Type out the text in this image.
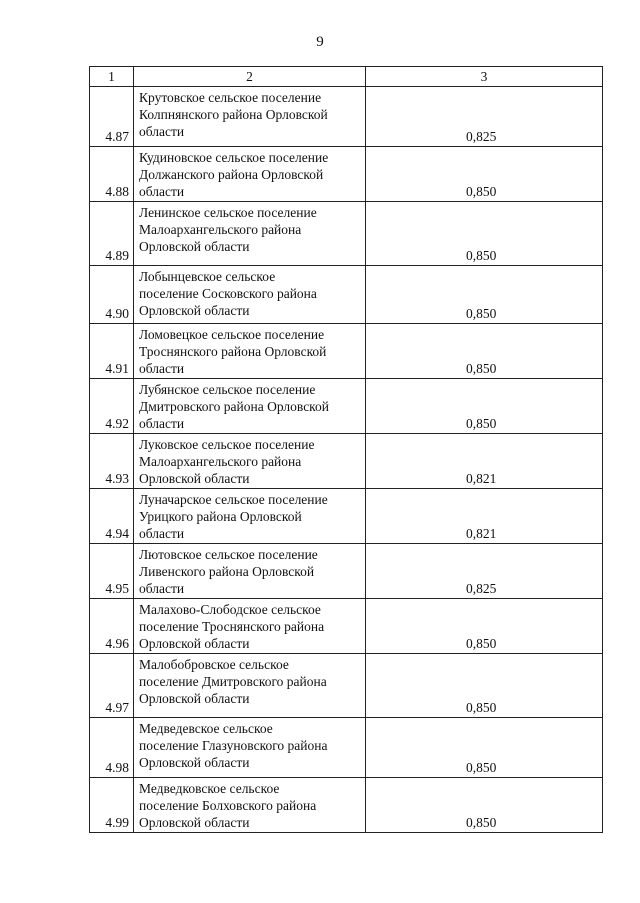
9
1	2	3
4.87	Крутовское сельское поселение
Колпнянского района Орловской
области	0,825
4.88	Кудиновское сельское поселение
Должанского района Орловской
области	0,850
4.89	Ленинское сельское поселение
Малоархангельского района
Орловской области	0,850
4.90	Лобынцевское сельское
поселение Сосковского района
Орловской области	0,850
4.91	Ломовецкое сельское поселение
Троснянского района Орловской
области	0,850
4.92	Лубянское сельское поселение
Дмитровского района Орловской
области	0,850
4.93	Луковское сельское поселение
Малоархангельского района
Орловской области	0,821
4.94	Луначарское сельское поселение
Урицкого района Орловской
области	0,821
4.95	Лютовское сельское поселение
Ливенского района Орловской
области	0,825
4.96	Малахово-Слободское сельское
поселение Троснянского района
Орловской области	0,850
4.97	Малобобровское сельское
поселение Дмитровского района
Орловской области	0,850
4.98	Медведевское сельское
поселение Глазуновского района
Орловской области	0,850
4.99	Медведковское сельское
поселение Болховского района
Орловской области	0,850
